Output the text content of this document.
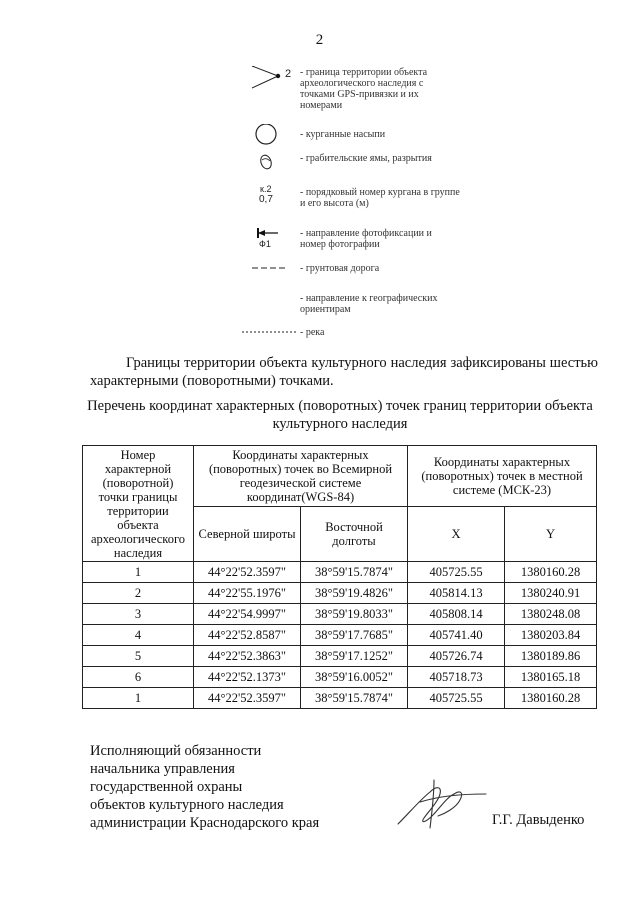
2
2 - граница территории объекта археологического наследия с точками GPS-привязки и их номерами
- курганные насыпи
- грабительские ямы, разрытия
к.2
0,7
- порядковый номер кургана в группе и его высота (м)
Ф1
- направление фотофиксации и номер фотографии
- грунтовая дорога
- направление к географических ориентирам
- река
Границы территории объекта культурного наследия зафиксированы шестью характерными (поворотными) точками.
Перечень координат характерных (поворотных) точек границ территории объекта культурного наследия
Номер характерной (поворотной) точки границы территории объекта археологического наследия	Координаты характерных (поворотных) точек во Всемирной геодезической системе координат(WGS-84)		Координаты характерных (поворотных) точек в местной системе (МСК-23)	
	Северной широты	Восточной долготы	X	Y
1	44°22'52.3597"	38°59'15.7874"	405725.55	1380160.28
2	44°22'55.1976"	38°59'19.4826"	405814.13	1380240.91
3	44°22'54.9997"	38°59'19.8033"	405808.14	1380248.08
4	44°22'52.8587"	38°59'17.7685"	405741.40	1380203.84
5	44°22'52.3863"	38°59'17.1252"	405726.74	1380189.86
6	44°22'52.1373"	38°59'16.0052"	405718.73	1380165.18
1	44°22'52.3597"	38°59'15.7874"	405725.55	1380160.28
Исполняющий обязанности
начальника управления
государственной охраны
объектов культурного наследия
администрации Краснодарского края	Г.Г. Давыденко
